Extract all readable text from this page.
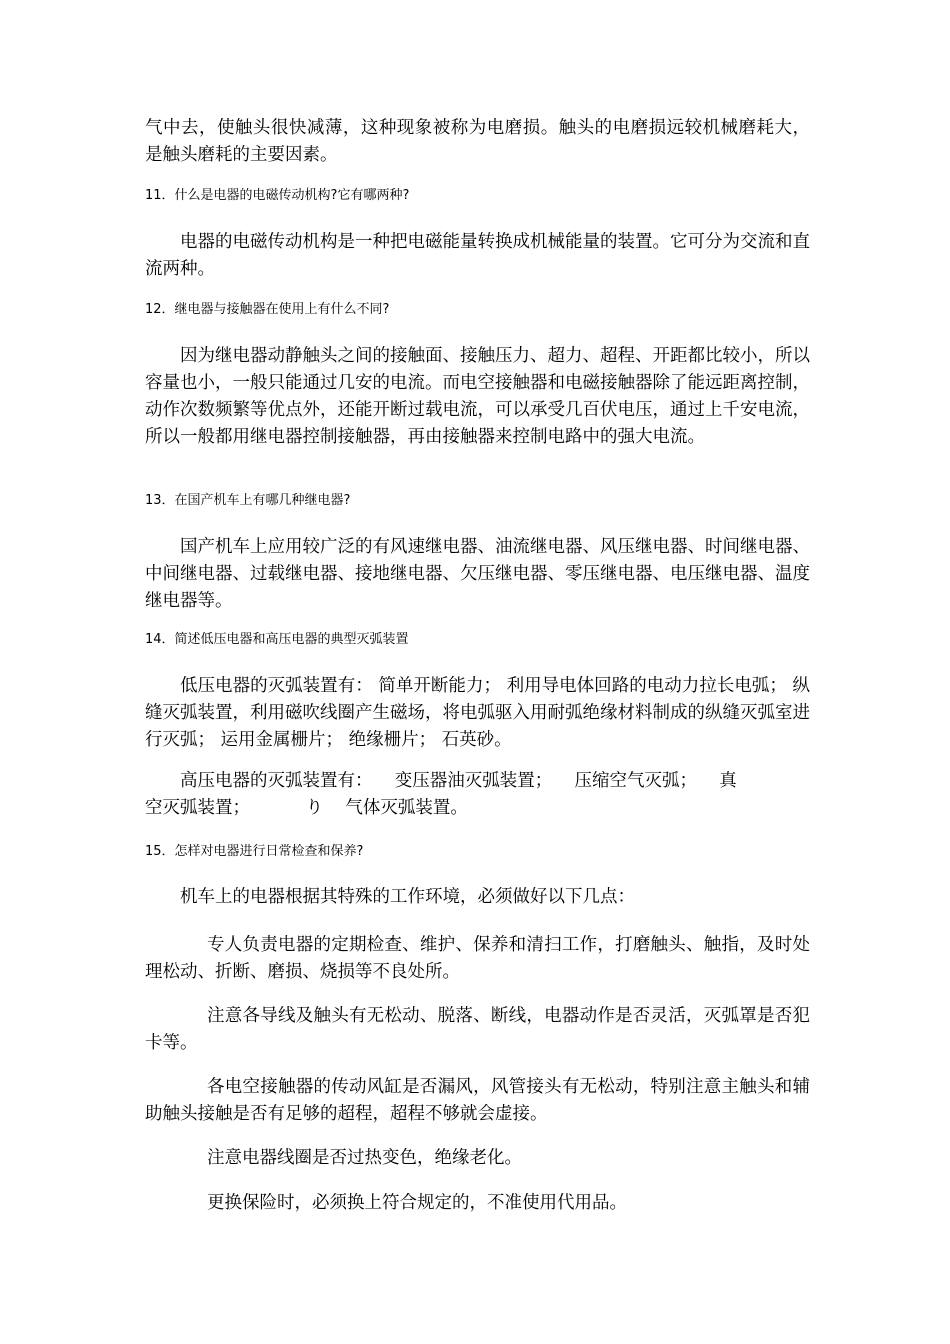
气中去，使触头很快减薄，这种现象被称为电磨损。触头的电磨损远较机械磨耗大， 是触头磨耗的主要因素。
11．什么是电器的电磁传动机构?它有哪两种?
电器的电磁传动机构是一种把电磁能量转换成机械能量的装置。它可分为交流和直流两种。
12．继电器与接触器在使用上有什么不同?
因为继电器动静触头之间的接触面、接触压力、超力、超程、开距都比较小，所以容量也小，一般只能通过几安的电流。而电空接触器和电磁接触器除了能远距离控制，动作次数频繁等优点外，还能开断过载电流，可以承受几百伏电压，通过上千安电流，所以一般都用继电器控制接触器，再由接触器来控制电路中的强大电流。
13．在国产机车上有哪几种继电器?
国产机车上应用较广泛的有风速继电器、油流继电器、风压继电器、时间继电器、中间继电器、过载继电器、接地继电器、欠压继电器、零压继电器、电压继电器、温度继电器等。
14．简述低压电器和高压电器的典型灭弧装置
低压电器的灭弧装置有： 简单开断能力； 利用导电体回路的电动力拉长电弧； 纵缝灭弧装置，利用磁吹线圈产生磁场，将电弧驱入用耐弧绝缘材料制成的纵缝灭弧室进行灭弧； 运用金属栅片； 绝缘栅片； 石英砂。
高压电器的灭弧装置有：    变压器油灭弧装置；    压缩空气灭弧；    真
空灭弧装置；          り    气体灭弧装置。
15．怎样对电器进行日常检查和保养?
机车上的电器根据其特殊的工作环境，必须做好以下几点：
专人负责电器的定期检查、维护、保养和清扫工作，打磨触头、触指，及时处理松动、折断、磨损、烧损等不良处所。
注意各导线及触头有无松动、脱落、断线，电器动作是否灵活，灭弧罩是否犯卡等。
各电空接触器的传动风缸是否漏风，风管接头有无松动，特别注意主触头和辅助触头接触是否有足够的超程，超程不够就会虚接。
注意电器线圈是否过热变色，绝缘老化。
更换保险时，必须换上符合规定的，不准使用代用品。
